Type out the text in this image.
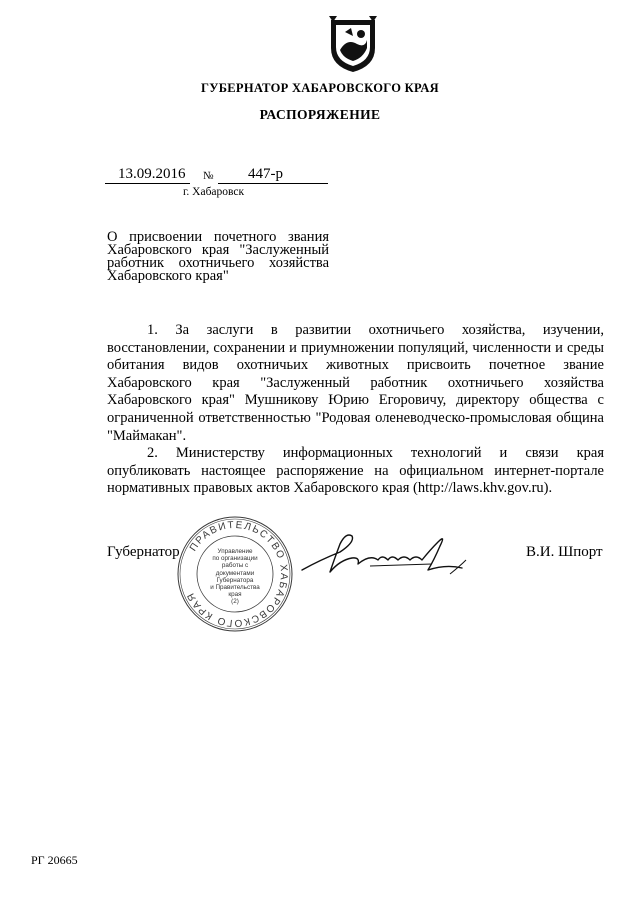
ГУБЕРНАТОР ХАБАРОВСКОГО КРАЯ
РАСПОРЯЖЕНИЕ
13.09.2016 № 447-р
г. Хабаровск
О присвоении почетного звания Хабаровского края "Заслуженный работник охотничьего хозяйства Хабаровского края"

1. За заслуги в развитии охотничьего хозяйства, изучении, восстановлении, сохранении и приумножении популяций, численности и среды обитания видов охотничьих животных присвоить почетное звание Хабаровского края "Заслуженный работник охотничьего хозяйства Хабаровского края" Мушникову Юрию Егоровичу, директору общества с ограниченной ответственностью "Родовая оленеводческо-промысловая община "Маймакан".

2. Министерству информационных технологий и связи края опубликовать настоящее распоряжение на официальном интернет-портале нормативных правовых актов Хабаровского края (http://laws.khv.gov.ru).

Губернатор	В.И. Шпорт
ПРАВИТЕЛЬСТВО ХАБАРОВСКОГО КРАЯ
Управление
по организации
работы с документами
Губернатора
и Правительства
края
(2)
РГ 20665
